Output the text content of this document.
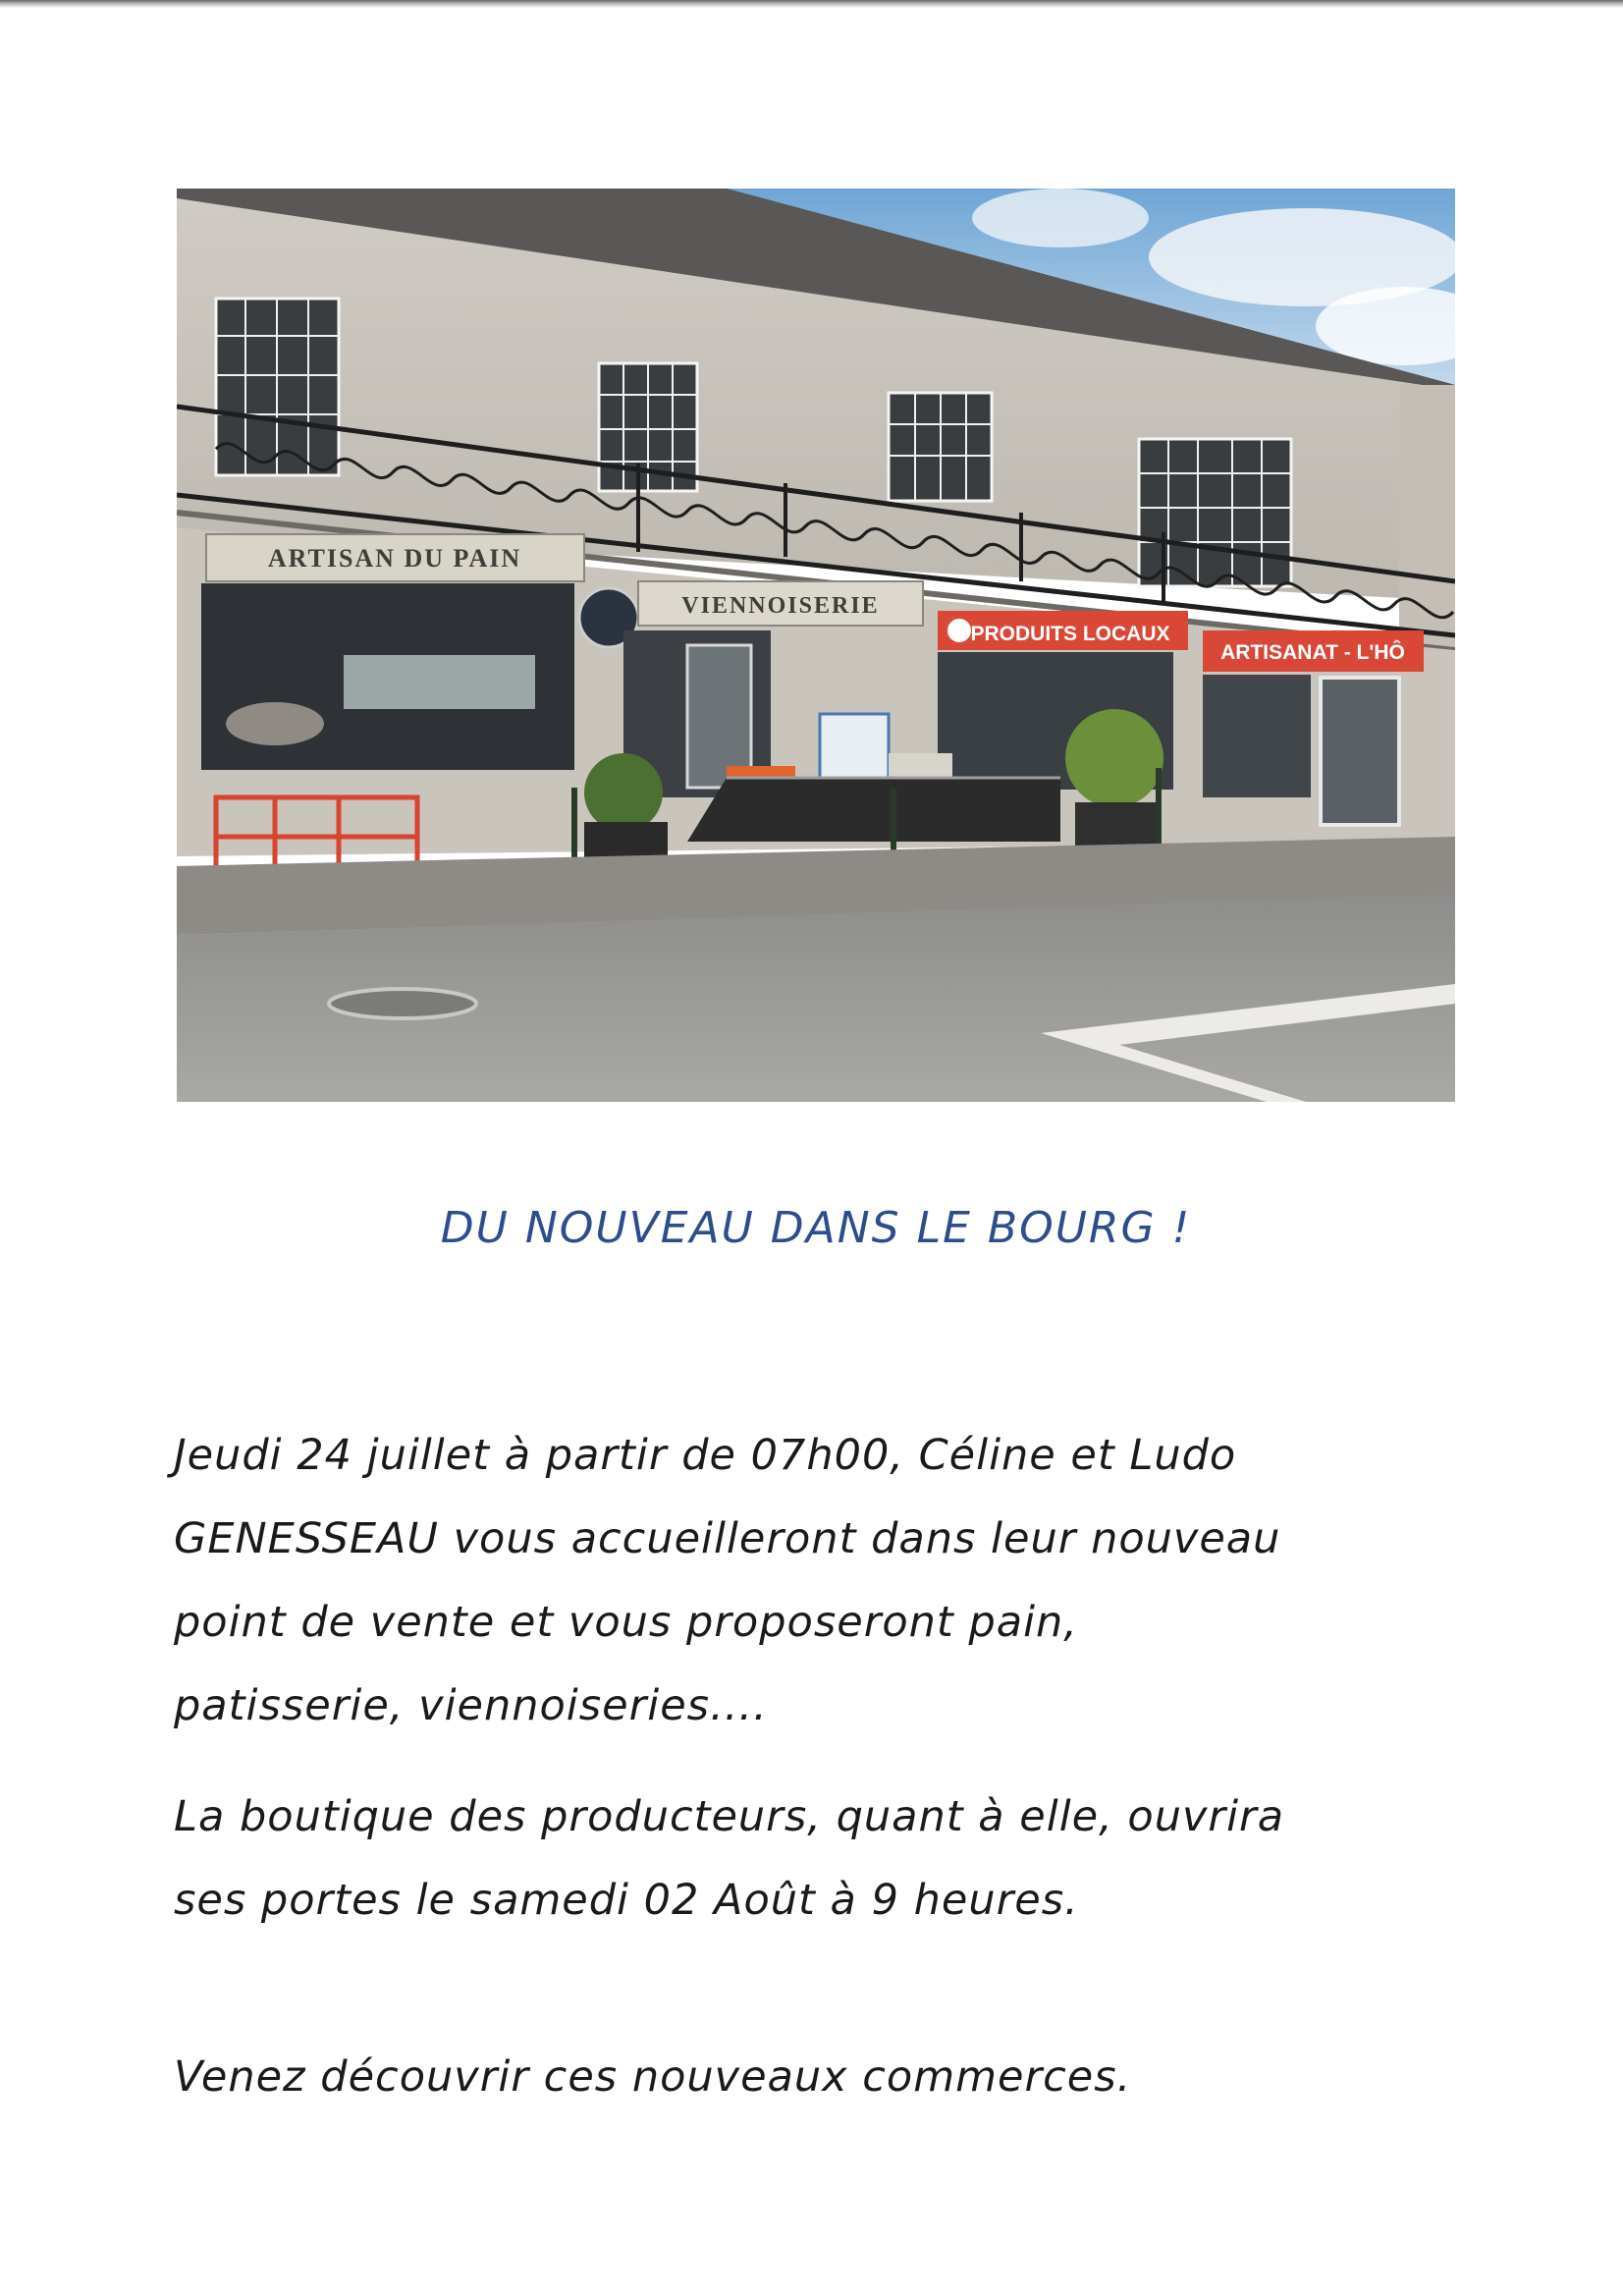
ARTISAN DU PAIN
VIENNOISERIE
PRODUITS LOCAUX
ARTISANAT - L'HÔ
DU NOUVEAU DANS LE BOURG !
Jeudi 24 juillet à partir de 07h00, Céline et Ludo
GENESSEAU vous accueilleront dans leur nouveau
point de vente et vous proposeront pain,
patisserie, viennoiseries....
La boutique des producteurs, quant à elle, ouvrira
ses portes le samedi 02 Août à 9 heures.
Venez découvrir ces nouveaux commerces.
